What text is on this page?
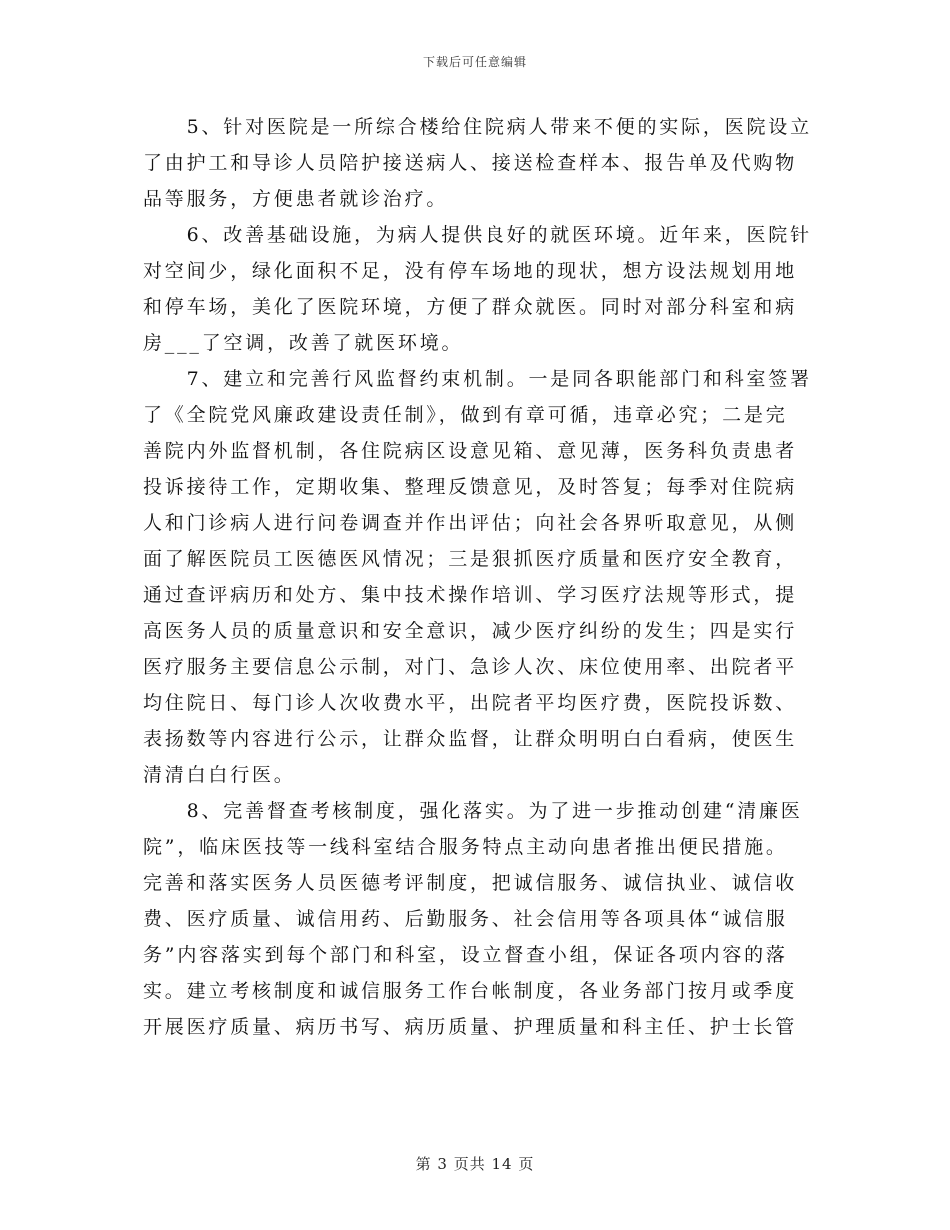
下载后可任意编辑
　　5、针对医院是一所综合楼给住院病人带来不便的实际，医院设立
了由护工和导诊人员陪护接送病人、接送检查样本、报告单及代购物
品等服务，方便患者就诊治疗。
　　6、改善基础设施，为病人提供良好的就医环境。近年来，医院针
对空间少，绿化面积不足，没有停车场地的现状，想方设法规划用地
和停车场，美化了医院环境，方便了群众就医。同时对部分科室和病
房___了空调，改善了就医环境。
　　7、建立和完善行风监督约束机制。一是同各职能部门和科室签署
了《全院党风廉政建设责任制》，做到有章可循，违章必究；二是完
善院内外监督机制，各住院病区设意见箱、意见薄，医务科负责患者
投诉接待工作，定期收集、整理反馈意见，及时答复；每季对住院病
人和门诊病人进行问卷调查并作出评估；向社会各界听取意见，从侧
面了解医院员工医德医风情况；三是狠抓医疗质量和医疗安全教育，
通过查评病历和处方、集中技术操作培训、学习医疗法规等形式，提
高医务人员的质量意识和安全意识，减少医疗纠纷的发生；四是实行
医疗服务主要信息公示制，对门、急诊人次、床位使用率、出院者平
均住院日、每门诊人次收费水平，出院者平均医疗费，医院投诉数、
表扬数等内容进行公示，让群众监督，让群众明明白白看病，使医生
清清白白行医。
　　8、完善督查考核制度，强化落实。为了进一步推动创建“清廉医
院”，临床医技等一线科室结合服务特点主动向患者推出便民措施。
完善和落实医务人员医德考评制度，把诚信服务、诚信执业、诚信收
费、医疗质量、诚信用药、后勤服务、社会信用等各项具体“诚信服
务”内容落实到每个部门和科室，设立督查小组，保证各项内容的落
实。建立考核制度和诚信服务工作台帐制度，各业务部门按月或季度
开展医疗质量、病历书写、病历质量、护理质量和科主任、护士长管
第 3 页共 14 页
